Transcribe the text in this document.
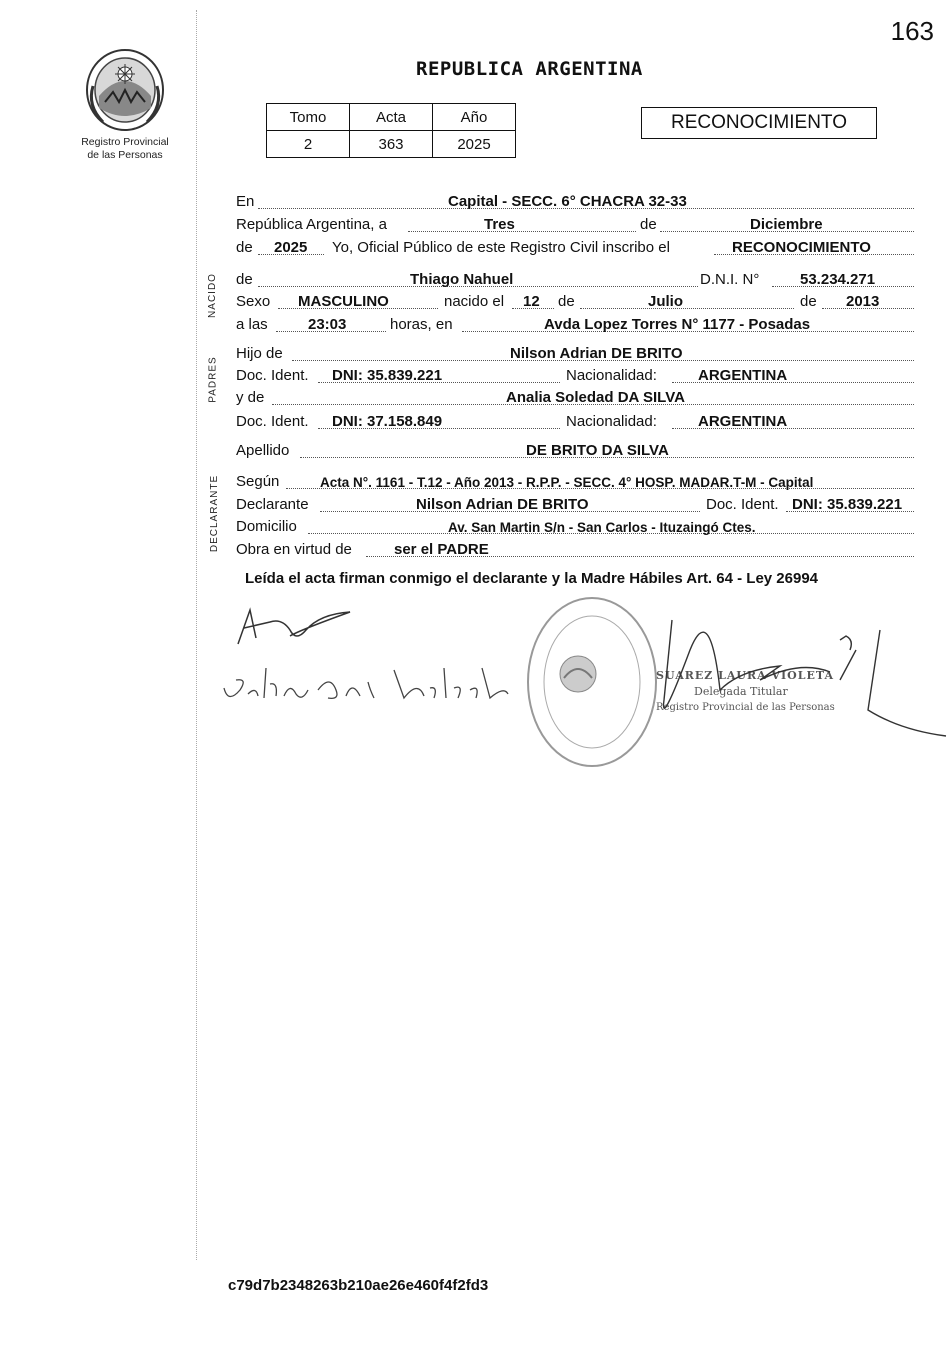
163
Registro Provincial
de las Personas
REPUBLICA ARGENTINA
Tomo	Acta	Año
2	363	2025
RECONOCIMIENTO
NACIDO
PADRES
DECLARANTE
En	Capital - SECC. 6° CHACRA 32-33
República Argentina, a	Tres	de	Diciembre
de 2025 Yo, Oficial Público de este Registro Civil inscribo el	RECONOCIMIENTO
de	Thiago Nahuel	D.N.I. N°	53.234.271
Sexo MASCULINO	nacido el 12 de	Julio	de 2013
a las	23:03	horas, en	Avda Lopez Torres N° 1177 - Posadas
Hijo de	Nilson Adrian DE BRITO
Doc. Ident. DNI: 35.839.221	Nacionalidad:	ARGENTINA
y de	Analia Soledad DA SILVA
Doc. Ident. DNI: 37.158.849	Nacionalidad:	ARGENTINA
Apellido	DE BRITO DA SILVA
Según	Acta N°. 1161 - T.12 - Año 2013 - R.P.P. - SECC. 4° HOSP. MADAR.T-M - Capital
Declarante	Nilson Adrian DE BRITO	Doc. Ident. DNI: 35.839.221
Domicilio	Av. San Martin S/n - San Carlos - Ituzaingó Ctes.
Obra en virtud de	ser el PADRE
Leída el acta firman conmigo el declarante y la Madre Hábiles Art. 64 - Ley 26994
SUAREZ LAURA VIOLETA
Delegada Titular
Registro Provincial de las Personas
c79d7b2348263b210ae26e460f4f2fd3
